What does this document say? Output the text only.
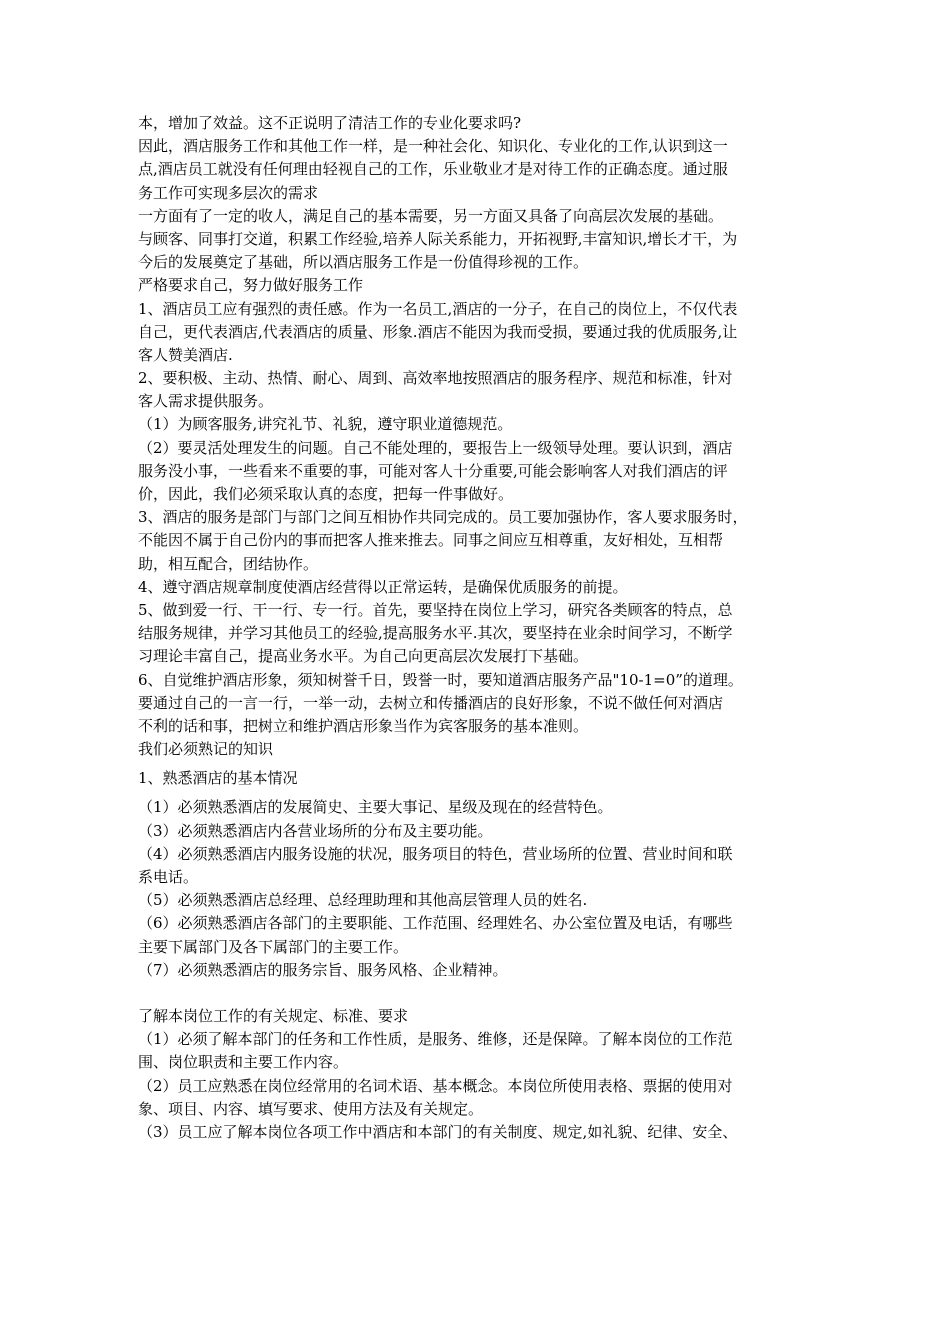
本，增加了效益。这不正说明了清洁工作的专业化要求吗?
因此，酒店服务工作和其他工作一样，是一种社会化、知识化、专业化的工作,认识到这一
点,酒店员工就没有任何理由轻视自己的工作，乐业敬业才是对待工作的正确态度。通过服
务工作可实现多层次的需求
一方面有了一定的收人，满足自己的基本需要，另一方面又具备了向高层次发展的基础。
与顾客、同事打交道，积累工作经验,培养人际关系能力，开拓视野,丰富知识,增长才干，为
今后的发展奠定了基础，所以酒店服务工作是一份值得珍视的工作。
严格要求自己，努力做好服务工作
1、酒店员工应有强烈的责任感。作为一名员工,酒店的一分子，在自己的岗位上，不仅代表
自己，更代表酒店,代表酒店的质量、形象.酒店不能因为我而受损，要通过我的优质服务,让
客人赞美酒店.
2、要积极、主动、热情、耐心、周到、高效率地按照酒店的服务程序、规范和标准，针对
客人需求提供服务。
（1）为顾客服务,讲究礼节、礼貌，遵守职业道德规范。
（2）要灵活处理发生的问题。自己不能处理的，要报告上一级领导处理。要认识到，酒店
服务没小事，一些看来不重要的事，可能对客人十分重要,可能会影响客人对我们酒店的评
价，因此，我们必须采取认真的态度，把每一件事做好。
3、酒店的服务是部门与部门之间互相协作共同完成的。员工要加强协作，客人要求服务时，
不能因不属于自己份内的事而把客人推来推去。同事之间应互相尊重，友好相处，互相帮
助，相互配合，团结协作。
4、遵守酒店规章制度使酒店经营得以正常运转，是确保优质服务的前提。
5、做到爱一行、干一行、专一行。首先，要坚持在岗位上学习，研究各类顾客的特点，总
结服务规律，并学习其他员工的经验,提高服务水平.其次，要坚持在业余时间学习，不断学
习理论丰富自己，提高业务水平。为自己向更高层次发展打下基础。
6、自觉维护酒店形象，须知树誉千日，毁誉一时，要知道酒店服务产品"10-1=0”的道理。
要通过自己的一言一行，一举一动，去树立和传播酒店的良好形象，不说不做任何对酒店
不利的话和事，把树立和维护酒店形象当作为宾客服务的基本准则。
我们必须熟记的知识
1、熟悉酒店的基本情况
（1）必须熟悉酒店的发展简史、主要大事记、星级及现在的经营特色。
（3）必须熟悉酒店内各营业场所的分布及主要功能。
（4）必须熟悉酒店内服务设施的状况，服务项目的特色，营业场所的位置、营业时间和联
系电话。
（5）必须熟悉酒店总经理、总经理助理和其他高层管理人员的姓名.
（6）必须熟悉酒店各部门的主要职能、工作范围、经理姓名、办公室位置及电话，有哪些
主要下属部门及各下属部门的主要工作。
（7）必须熟悉酒店的服务宗旨、服务风格、企业精神。
了解本岗位工作的有关规定、标准、要求
（1）必须了解本部门的任务和工作性质，是服务、维修，还是保障。了解本岗位的工作范
围、岗位职责和主要工作内容。
（2）员工应熟悉在岗位经常用的名词术语、基本概念。本岗位所使用表格、票据的使用对
象、项目、内容、填写要求、使用方法及有关规定。
（3）员工应了解本岗位各项工作中酒店和本部门的有关制度、规定,如礼貌、纪律、安全、
